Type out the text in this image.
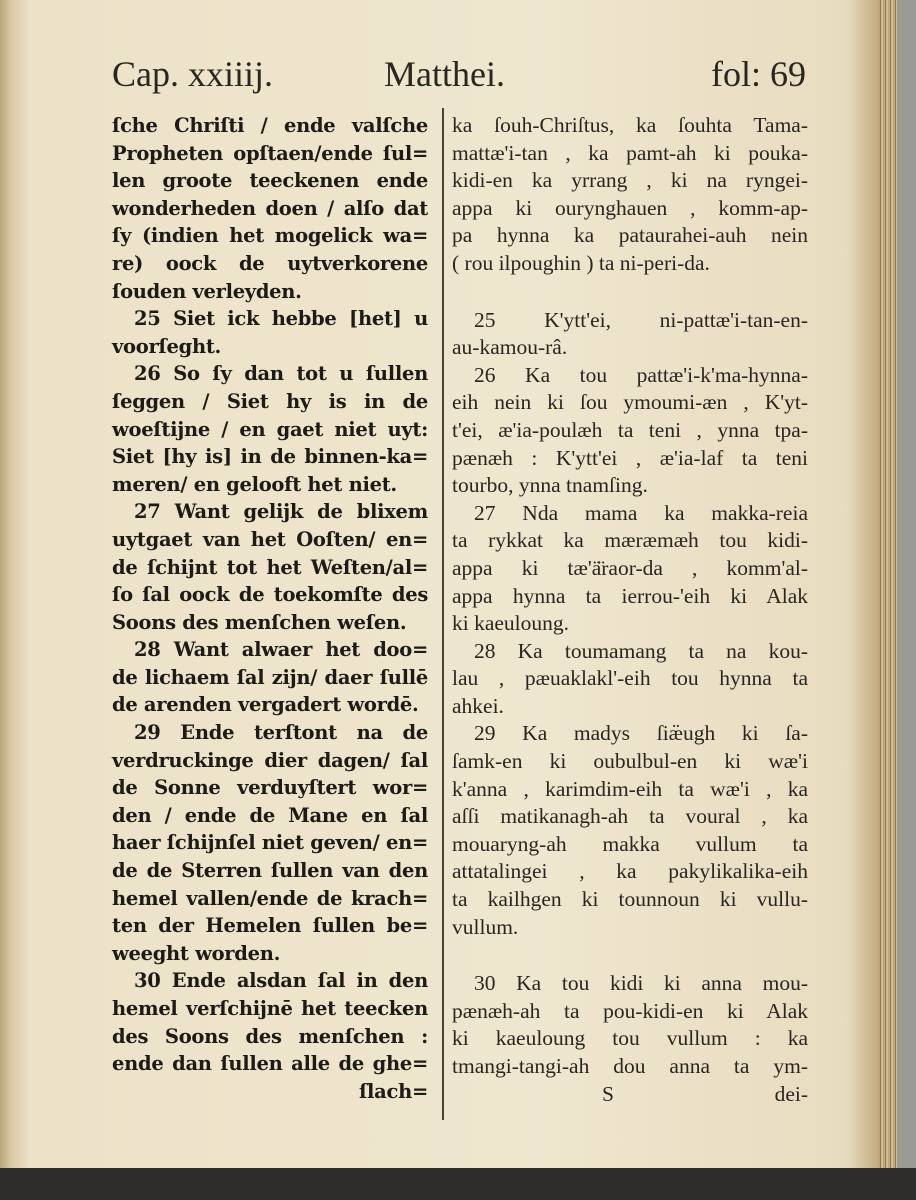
Cap. xxiiij.	Matthei.	fol: 69
ſche Chriſti / ende valſche
Propheten opſtaen/ende ſul=
len groote teeckenen ende
wonderheden doen / alſo dat
ſy (indien het mogelick wa=
re) oock de uytverkorene
ſouden verleyden.
25 Siet ick hebbe [het] u
voorſeght.
26 So ſy dan tot u ſullen
ſeggen / Siet hy is in de
woeſtijne / en gaet niet uyt:
Siet [hy is] in de binnen-ka=
meren/ en gelooft het niet.
27 Want gelijk de blixem
uytgaet van het Ooſten/ en=
de ſchijnt tot het Weſten/al=
ſo ſal oock de toekomſte des
Soons des menſchen weſen.
28 Want alwaer het doo=
de lichaem ſal zijn/ daer ſullē
de arenden vergadert wordē.
29 Ende terſtont na de
verdruckinge dier dagen/ ſal
de Sonne verduyſtert wor=
den / ende de Mane en ſal
haer ſchijnſel niet geven/ en=
de de Sterren ſullen van den
hemel vallen/ende de krach=
ten der Hemelen ſullen be=
weeght worden.
30 Ende alsdan ſal in den
hemel verſchijnē het teecken
des Soons des menſchen :
ende dan ſullen alle de ghe=
ſlach=
ka ſouh-Chriſtus, ka ſouhta Tama-
mattæ'i-tan , ka pamt-ah ki pouka-
kidi-en ka yrrang , ki na ryngei-
appa ki ourynghauen , komm-ap-
pa hynna ka pataurahei-auh nein
( rou ilpoughin ) ta ni-peri-da.
25 K'ytt'ei, ni-pattæ'i-tan-en-
au-kamou-râ.
26 Ka tou pattæ'i-k'ma-hynna-
eih nein ki ſou ymoumi-æn , K'yt-
t'ei, æ'ia-poulæh ta teni , ynna tpa-
pænæh : K'ytt'ei , æ'ia-laf ta teni
tourbo, ynna tnamſing.
27 Nda mama ka makka-reia
ta rykkat ka mæræmæh tou kidi-
appa ki tæ'ä̈raor-da , komm'al-
appa hynna ta ierrou-'eih ki Alak
ki kaeuloung.
28 Ka toumamang ta na kou-
lau , pæuaklakl'-eih tou hynna ta
ahkei.
29 Ka madys ſiæ̈ugh ki ſa-
ſamk-en ki oubulbul-en ki wæ'i
k'anna , karimdim-eih ta wæ'i , ka
aſſi matikanagh-ah ta voural , ka
mouaryng-ah makka vullum ta
attatalingei , ka pakylikalika-eih
ta kailhgen ki tounnoun ki vullu-
vullum.
30 Ka tou kidi ki anna mou-
pænæh-ah ta pou-kidi-en ki Alak
ki kaeuloung tou vullum : ka
tmangi-tangi-ah dou anna ta ym-
S	dei-
